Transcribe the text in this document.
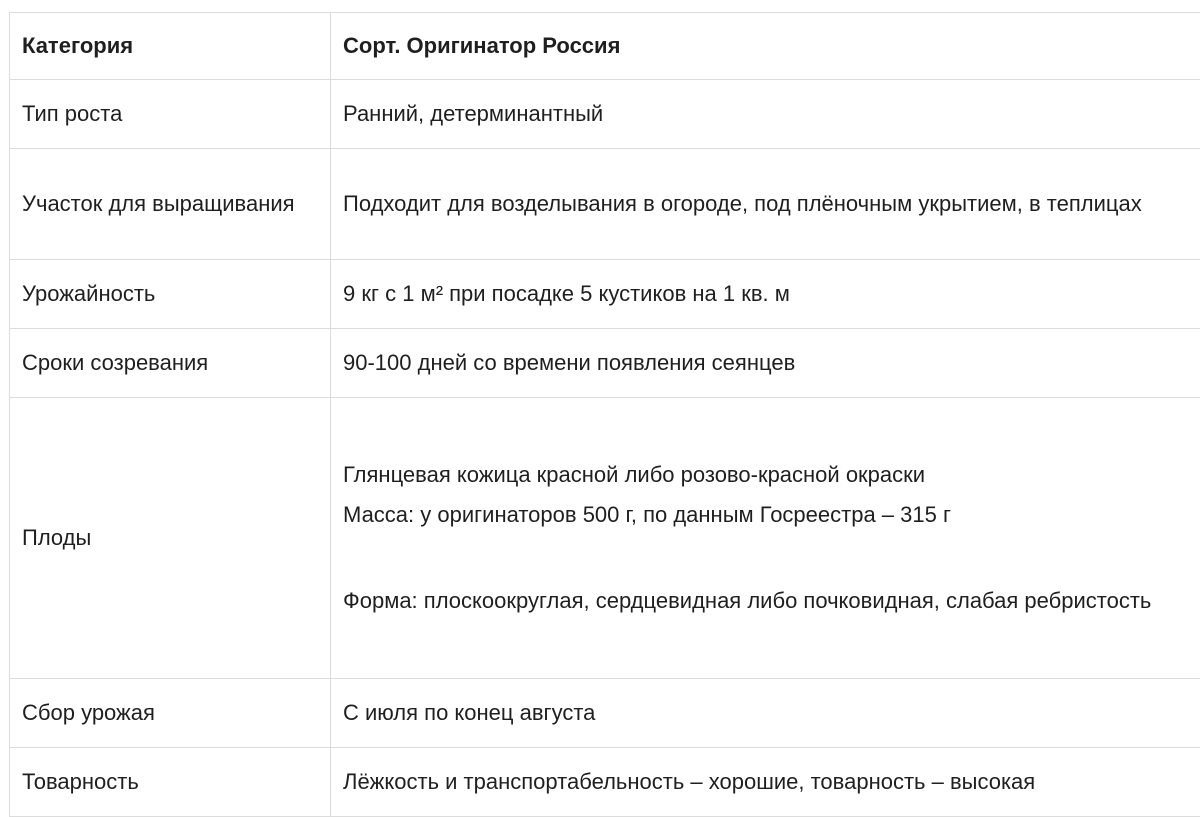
Категория	Сорт. Оригинатор Россия
Тип роста	Ранний, детерминантный
Участок для выращивания	Подходит для возделывания в огороде, под плёночным укрытием, в теплицах
Урожайность	9 кг с 1 м² при посадке 5 кустиков на 1 кв. м
Сроки созревания	90-100 дней со времени появления сеянцев
Плоды	Глянцевая кожица красной либо розово-красной окраски
Масса: у оригинаторов 500 г, по данным Госреестра – 315 г
Форма: плоскоокруглая, сердцевидная либо почковидная, слабая ребристость

Сбор урожая	С июля по конец августа
Товарность	Лёжкость и транспортабельность – хорошие, товарность – высокая
